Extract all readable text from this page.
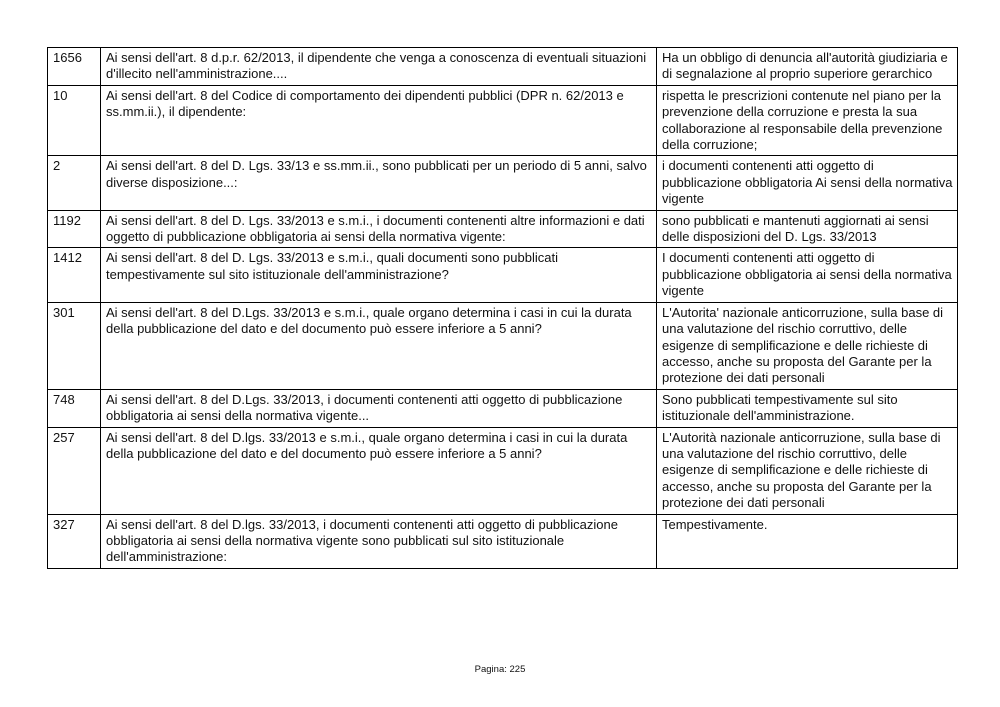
1656	Ai sensi dell'art. 8 d.p.r. 62/2013, il dipendente che venga a conoscenza di eventuali situazioni d'illecito nell'amministrazione....	Ha un obbligo di denuncia all'autorità giudiziaria e di segnalazione al proprio superiore gerarchico
10	Ai sensi dell'art. 8 del Codice di comportamento dei dipendenti pubblici (DPR n. 62/2013 e ss.mm.ii.), il dipendente:	rispetta le prescrizioni contenute nel piano per la prevenzione della corruzione e presta la sua collaborazione al responsabile della prevenzione della corruzione;
2	Ai sensi dell'art. 8 del D. Lgs. 33/13 e ss.mm.ii., sono pubblicati per un periodo di 5 anni, salvo diverse disposizione...:	i documenti contenenti atti oggetto di pubblicazione obbligatoria Ai sensi della normativa vigente
1192	Ai sensi dell'art. 8 del D. Lgs. 33/2013 e s.m.i., i documenti contenenti altre informazioni e dati oggetto di pubblicazione obbligatoria ai sensi della normativa vigente:	sono pubblicati e mantenuti aggiornati ai sensi delle disposizioni del D. Lgs. 33/2013
1412	Ai sensi dell'art. 8 del D. Lgs. 33/2013 e s.m.i., quali documenti sono pubblicati tempestivamente sul sito istituzionale dell'amministrazione?	I documenti contenenti atti oggetto di pubblicazione obbligatoria ai sensi della normativa vigente
301	Ai sensi dell'art. 8 del D.Lgs. 33/2013 e s.m.i., quale organo determina i casi in cui la durata della pubblicazione del dato e del documento può essere inferiore a 5 anni?	L'Autorita' nazionale anticorruzione, sulla base di una valutazione del rischio corruttivo, delle esigenze di semplificazione e delle richieste di accesso, anche su proposta del Garante per la protezione dei dati personali
748	Ai sensi dell'art. 8 del D.Lgs. 33/2013, i documenti contenenti atti oggetto di pubblicazione obbligatoria ai sensi della normativa vigente...	Sono pubblicati tempestivamente sul sito istituzionale dell'amministrazione.
257	Ai sensi dell'art. 8 del D.lgs. 33/2013 e s.m.i., quale organo determina i casi in cui la durata della pubblicazione del dato e del documento può essere inferiore a 5 anni?	L'Autorità nazionale anticorruzione, sulla base di una valutazione del rischio corruttivo, delle esigenze di semplificazione e delle richieste di accesso, anche su proposta del Garante per la protezione dei dati personali
327	Ai sensi dell'art. 8 del D.lgs. 33/2013, i documenti contenenti atti oggetto di pubblicazione obbligatoria ai sensi della normativa vigente sono pubblicati sul sito istituzionale dell'amministrazione:	Tempestivamente.
Pagina: 225
